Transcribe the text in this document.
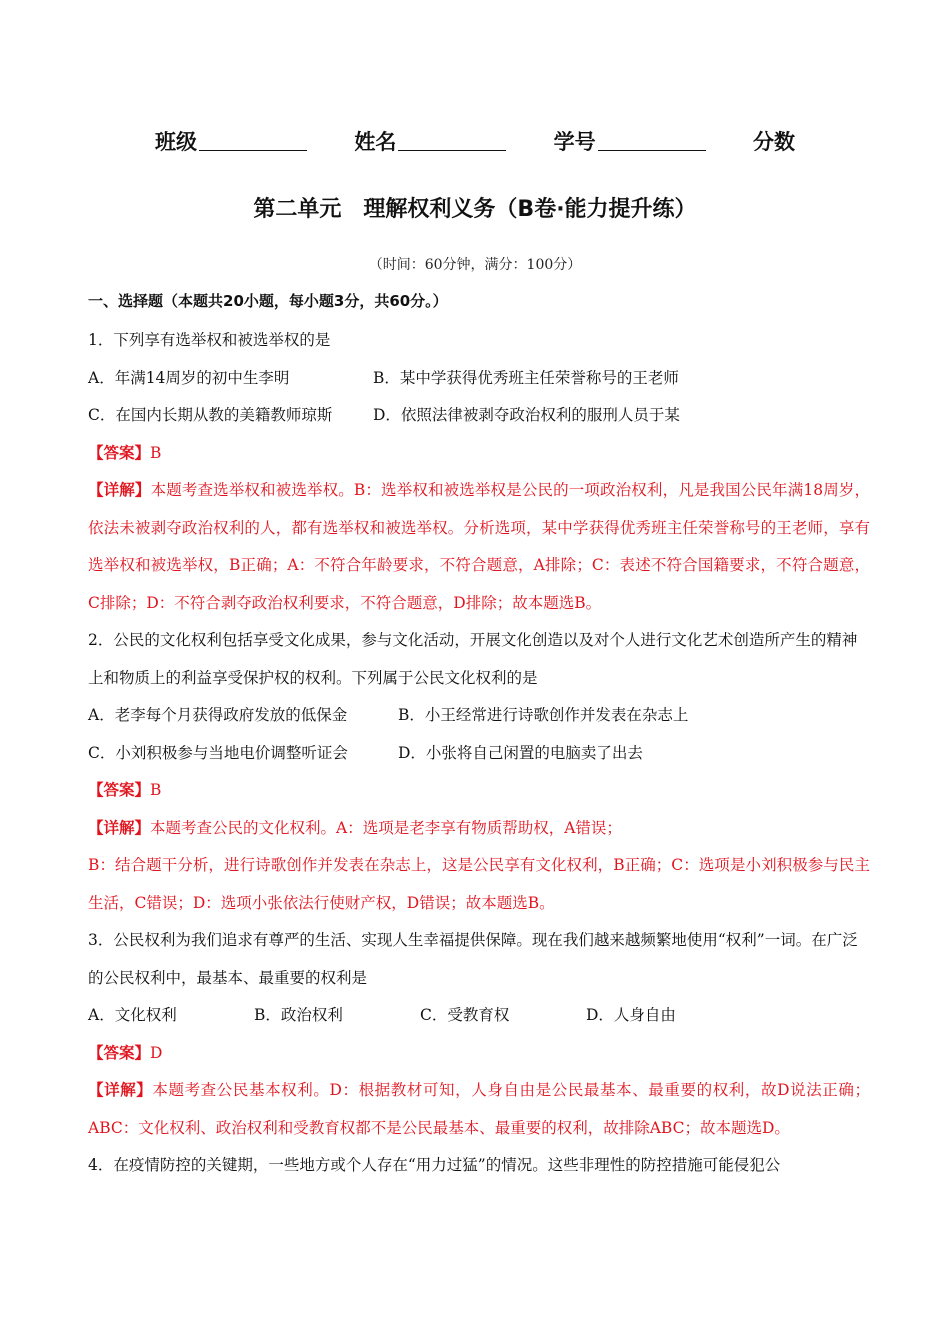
班级	姓名	学号	分数
第二单元　理解权利义务（B卷·能力提升练）
（时间：60分钟，满分：100分）
一、选择题（本题共20小题，每小题3分，共60分。）

1．下列享有选举权和被选举权的是

A．年满14周岁的初中生李明	B．某中学获得优秀班主任荣誉称号的王老师
C．在国内长期从教的美籍教师琼斯	D．依照法律被剥夺政治权利的服刑人员于某

【答案】B

【详解】本题考查选举权和被选举权。B：选举权和被选举权是公民的一项政治权利，凡是我国公民年满18周岁，依法未被剥夺政治权利的人，都有选举权和被选举权。分析选项，某中学获得优秀班主任荣誉称号的王老师，享有选举权和被选举权，B正确；A：不符合年龄要求，不符合题意，A排除；C：表述不符合国籍要求，不符合题意，C排除；D：不符合剥夺政治权利要求，不符合题意，D排除；故本题选B。

2．公民的文化权利包括享受文化成果，参与文化活动，开展文化创造以及对个人进行文化艺术创造所产生的精神上和物质上的利益享受保护权的权利。下列属于公民文化权利的是

A．老李每个月获得政府发放的低保金	B．小王经常进行诗歌创作并发表在杂志上
C．小刘积极参与当地电价调整听证会	D．小张将自己闲置的电脑卖了出去

【答案】B

【详解】本题考查公民的文化权利。A：选项是老李享有物质帮助权，A错误；

B：结合题干分析，进行诗歌创作并发表在杂志上，这是公民享有文化权利，B正确；C：选项是小刘积极参与民主生活，C错误；D：选项小张依法行使财产权，D错误；故本题选B。

3．公民权利为我们追求有尊严的生活、实现人生幸福提供保障。现在我们越来越频繁地使用“权利”一词。在广泛的公民权利中，最基本、最重要的权利是

A．文化权利	B．政治权利	C．受教育权	D．人身自由

【答案】D

【详解】本题考查公民基本权利。D：根据教材可知，人身自由是公民最基本、最重要的权利，故D说法正确；ABC：文化权利、政治权利和受教育权都不是公民最基本、最重要的权利，故排除ABC；故本题选D。

4．在疫情防控的关键期，一些地方或个人存在“用力过猛”的情况。这些非理性的防控措施可能侵犯公
